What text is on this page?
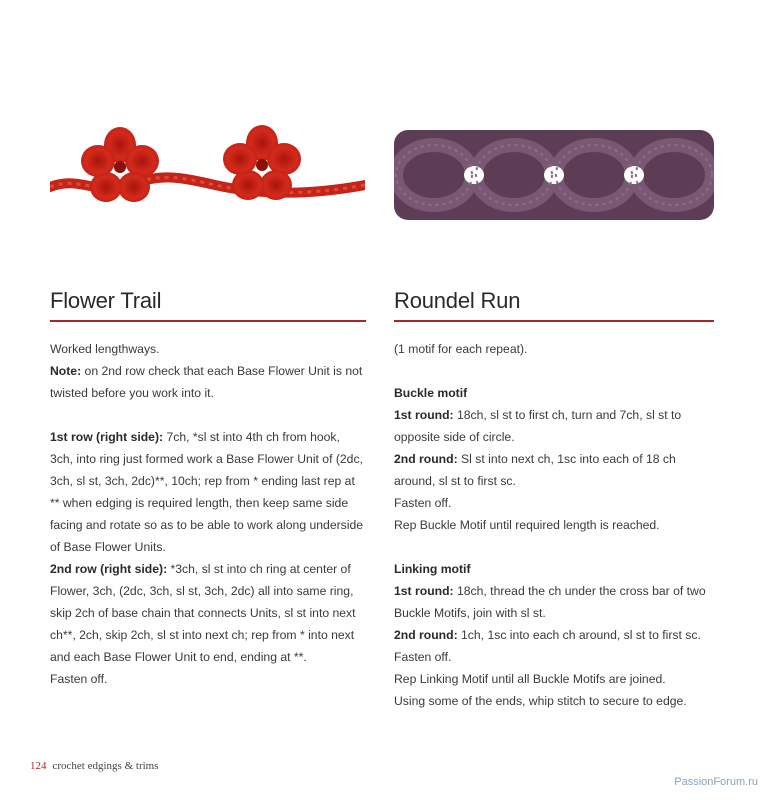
Flower Trail

Worked lengthways.

Note: on 2nd row check that each Base Flower Unit is not twisted before you work into it.

1st row (right side): 7ch, *sl st into 4th ch from hook, 3ch, into ring just formed work a Base Flower Unit of (2dc, 3ch, sl st, 3ch, 2dc)**, 10ch; rep from * ending last rep at ** when edging is required length, then keep same side facing and rotate so as to be able to work along underside of Base Flower Units.

2nd row (right side): *3ch, sl st into ch ring at center of Flower, 3ch, (2dc, 3ch, sl st, 3ch, 2dc) all into same ring, skip 2ch of base chain that connects Units, sl st into next ch**, 2ch, skip 2ch, sl st into next ch; rep from * into next and each Base Flower Unit to end, ending at **.

Fasten off.

Roundel Run

(1 motif for each repeat).

Buckle motif

1st round: 18ch, sl st to first ch, turn and 7ch, sl st to opposite side of circle.

2nd round: Sl st into next ch, 1sc into each of 18 ch around, sl st to first sc.

Fasten off.

Rep Buckle Motif until required length is reached.

Linking motif

1st round: 18ch, thread the ch under the cross bar of two Buckle Motifs, join with sl st.

2nd round: 1ch, 1sc into each ch around, sl st to first sc.

Fasten off.

Rep Linking Motif until all Buckle Motifs are joined.

Using some of the ends, whip stitch to secure to edge.

124 crochet edgings & trims
PassionForum.ru
